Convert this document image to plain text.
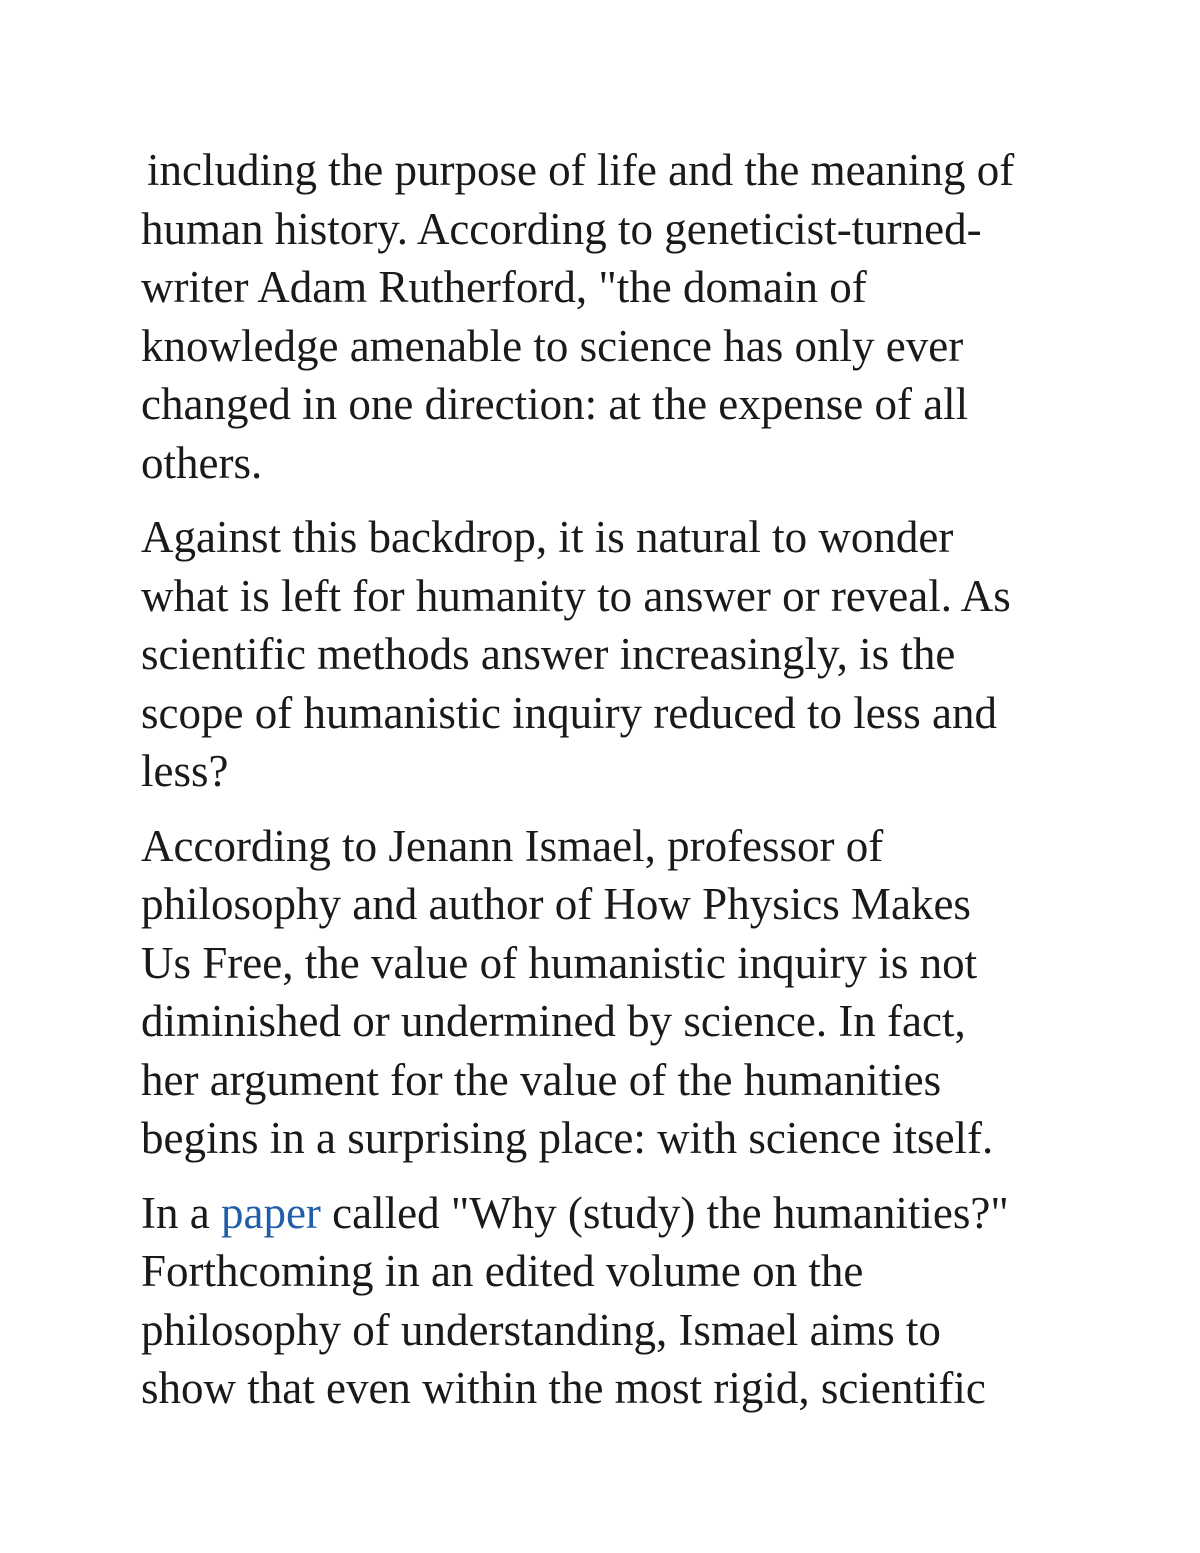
including the purpose of life and the meaning of
human history. According to geneticist-turned-
writer Adam Rutherford, "the domain of
knowledge amenable to science has only ever
changed in one direction: at the expense of all
others.

Against this backdrop, it is natural to wonder
what is left for humanity to answer or reveal. As
scientific methods answer increasingly, is the
scope of humanistic inquiry reduced to less and
less?

According to Jenann Ismael, professor of
philosophy and author of How Physics Makes
Us Free, the value of humanistic inquiry is not
diminished or undermined by science. In fact,
her argument for the value of the humanities
begins in a surprising place: with science itself.

In a paper called "Why (study) the humanities?"
Forthcoming in an edited volume on the
philosophy of understanding, Ismael aims to
show that even within the most rigid, scientific
